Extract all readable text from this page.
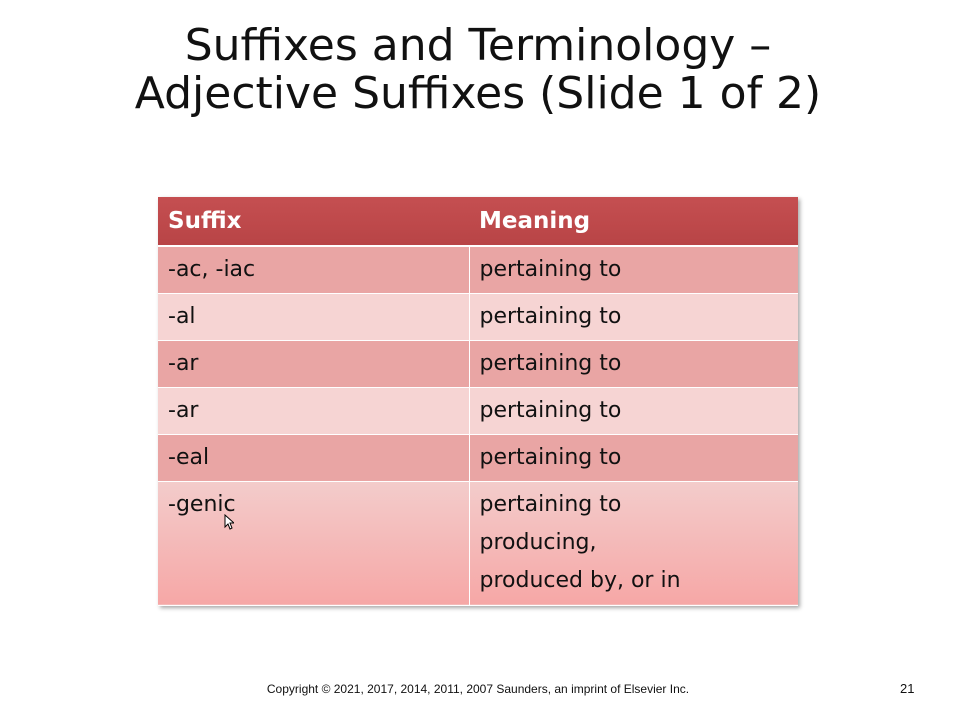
Suffixes and Terminology –
Adjective Suffixes (Slide 1 of 2)
Suffix	Meaning
-ac, -iac	pertaining to
-al	pertaining to
-ar	pertaining to
-ar	pertaining to
-eal	pertaining to
-genic	pertaining to
producing,
produced by, or in
Copyright © 2021, 2017, 2014, 2011, 2007 Saunders, an imprint of Elsevier Inc.	21
